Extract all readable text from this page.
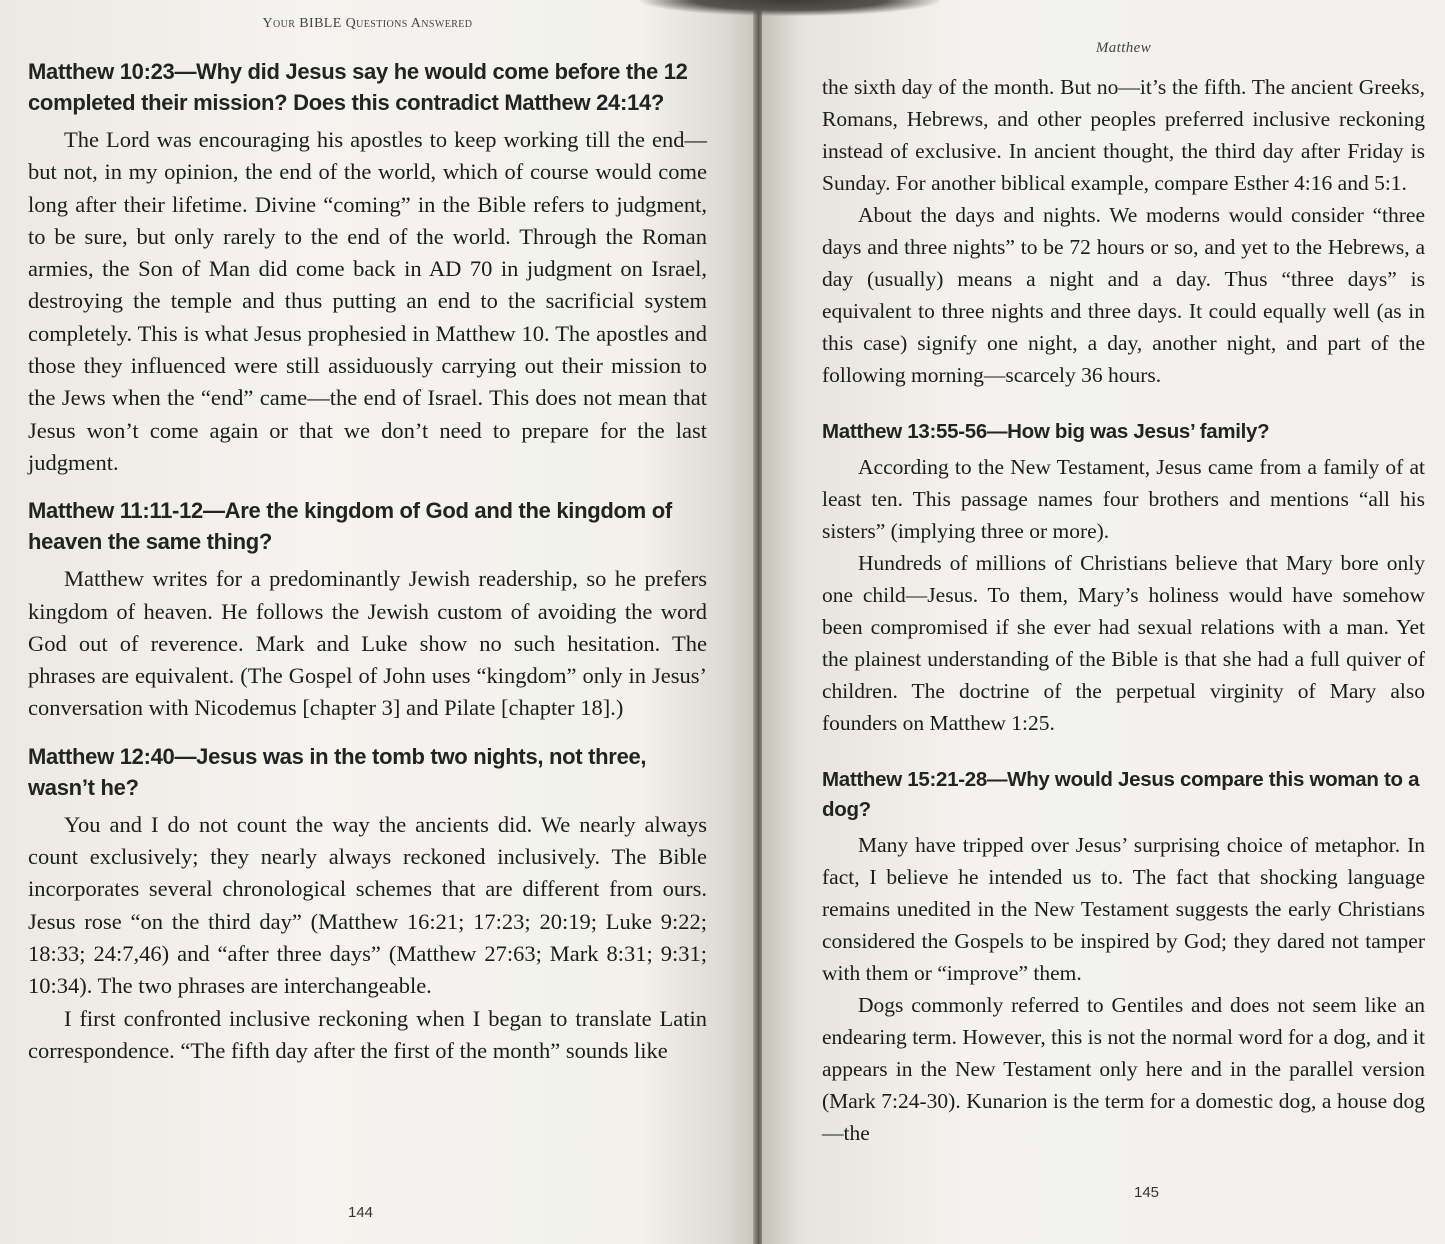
Your BIBLE Questions Answered
Matthew 10:23—Why did Jesus say he would come before the 12 completed their mission? Does this contradict Matthew 24:14?

The Lord was encouraging his apostles to keep working till the end—but not, in my opinion, the end of the world, which of course would come long after their lifetime. Divine “coming” in the Bible refers to judgment, to be sure, but only rarely to the end of the world. Through the Roman armies, the Son of Man did come back in AD 70 in judgment on Israel, destroying the temple and thus putting an end to the sacrificial system completely. This is what Jesus prophesied in Matthew 10. The apostles and those they influenced were still assiduously carrying out their mission to the Jews when the “end” came—the end of Israel. This does not mean that Jesus won’t come again or that we don’t need to prepare for the last judgment.

Matthew 11:11-12—Are the kingdom of God and the kingdom of heaven the same thing?

Matthew writes for a predominantly Jewish readership, so he prefers kingdom of heaven. He follows the Jewish custom of avoiding the word God out of reverence. Mark and Luke show no such hesitation. The phrases are equivalent. (The Gospel of John uses “kingdom” only in Jesus’ conversation with Nicodemus [chapter 3] and Pilate [chapter 18].)

Matthew 12:40—Jesus was in the tomb two nights, not three, wasn’t he?

You and I do not count the way the ancients did. We nearly always count exclusively; they nearly always reckoned inclusively. The Bible incorporates several chronological schemes that are different from ours. Jesus rose “on the third day” (Matthew 16:21; 17:23; 20:19; Luke 9:22; 18:33; 24:7,46) and “after three days” (Matthew 27:63; Mark 8:31; 9:31; 10:34). The two phrases are interchangeable.

I first confronted inclusive reckoning when I began to translate Latin correspondence. “The fifth day after the first of the month” sounds like

144
Matthew

the sixth day of the month. But no—it’s the fifth. The ancient Greeks, Romans, Hebrews, and other peoples preferred inclusive reckoning instead of exclusive. In ancient thought, the third day after Friday is Sunday. For another biblical example, compare Esther 4:16 and 5:1.

About the days and nights. We moderns would consider “three days and three nights” to be 72 hours or so, and yet to the Hebrews, a day (usually) means a night and a day. Thus “three days” is equivalent to three nights and three days. It could equally well (as in this case) signify one night, a day, another night, and part of the following morning—scarcely 36 hours.

Matthew 13:55-56—How big was Jesus’ family?

According to the New Testament, Jesus came from a family of at least ten. This passage names four brothers and mentions “all his sisters” (implying three or more).

Hundreds of millions of Christians believe that Mary bore only one child—Jesus. To them, Mary’s holiness would have somehow been compromised if she ever had sexual relations with a man. Yet the plainest understanding of the Bible is that she had a full quiver of children. The doctrine of the perpetual virginity of Mary also founders on Matthew 1:25.

Matthew 15:21-28—Why would Jesus compare this woman to a dog?

Many have tripped over Jesus’ surprising choice of metaphor. In fact, I believe he intended us to. The fact that shocking language remains unedited in the New Testament suggests the early Christians considered the Gospels to be inspired by God; they dared not tamper with them or “improve” them.

Dogs commonly referred to Gentiles and does not seem like an endearing term. However, this is not the normal word for a dog, and it appears in the New Testament only here and in the parallel version (Mark 7:24-30). Kunarion is the term for a domestic dog, a house dog—the

145
